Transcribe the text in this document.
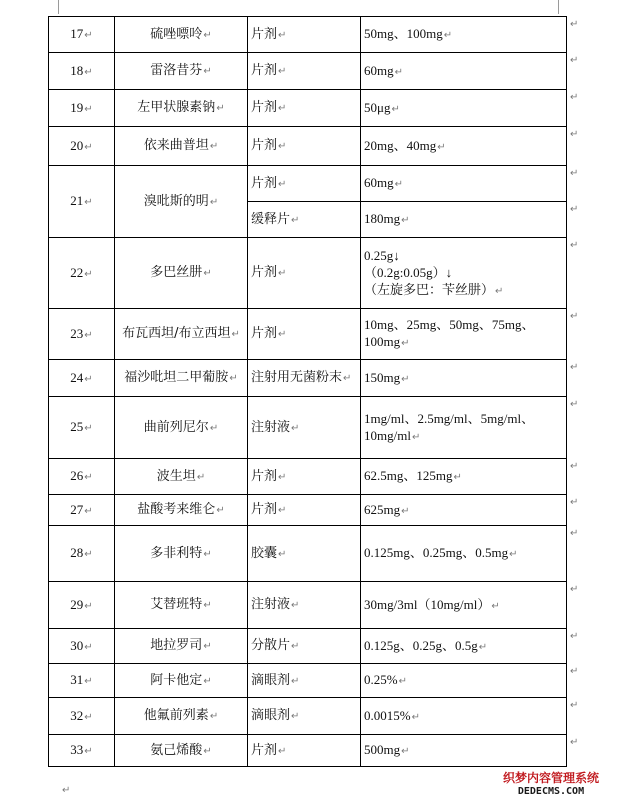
17↵	硫唑嘌呤↵	片剂↵	50mg、100mg↵

18↵	雷洛昔芬↵	片剂↵	60mg↵

19↵	左甲状腺素钠↵	片剂↵	50μg↵

20↵	依来曲普坦↵	片剂↵	20mg、40mg↵

21↵	溴吡斯的明↵	片剂↵	60mg↵

		缓释片↵	180mg↵

22↵	多巴丝肼↵	片剂↵	0.25g↓
（0.2g:0.05g）↓
（左旋多巴：苄丝肼）↵

23↵	布瓦西坦/布立西坦↵	片剂↵	10mg、25mg、50mg、75mg、
100mg↵

24↵	福沙吡坦二甲葡胺↵	注射用无菌粉末↵	150mg↵

25↵	曲前列尼尔↵	注射液↵	1mg/ml、2.5mg/ml、5mg/ml、
10mg/ml↵

26↵	波生坦↵	片剂↵	62.5mg、125mg↵

27↵	盐酸考来维仑↵	片剂↵	625mg↵

28↵	多非利特↵	胶囊↵	0.125mg、0.25mg、0.5mg↵

29↵	艾替班特↵	注射液↵	30mg/3ml（10mg/ml）↵

30↵	地拉罗司↵	分散片↵	0.125g、0.25g、0.5g↵

31↵	阿卡他定↵	滴眼剂↵	0.25%↵

32↵	他氟前列素↵	滴眼剂↵	0.0015%↵

33↵	氨己烯酸↵	片剂↵	500mg↵
↵
↵
↵
↵
↵
↵
↵
↵
↵
↵
↵
↵
↵
↵
↵
↵
↵
↵
↵
织梦内容管理系统
DEDECMS.COM
